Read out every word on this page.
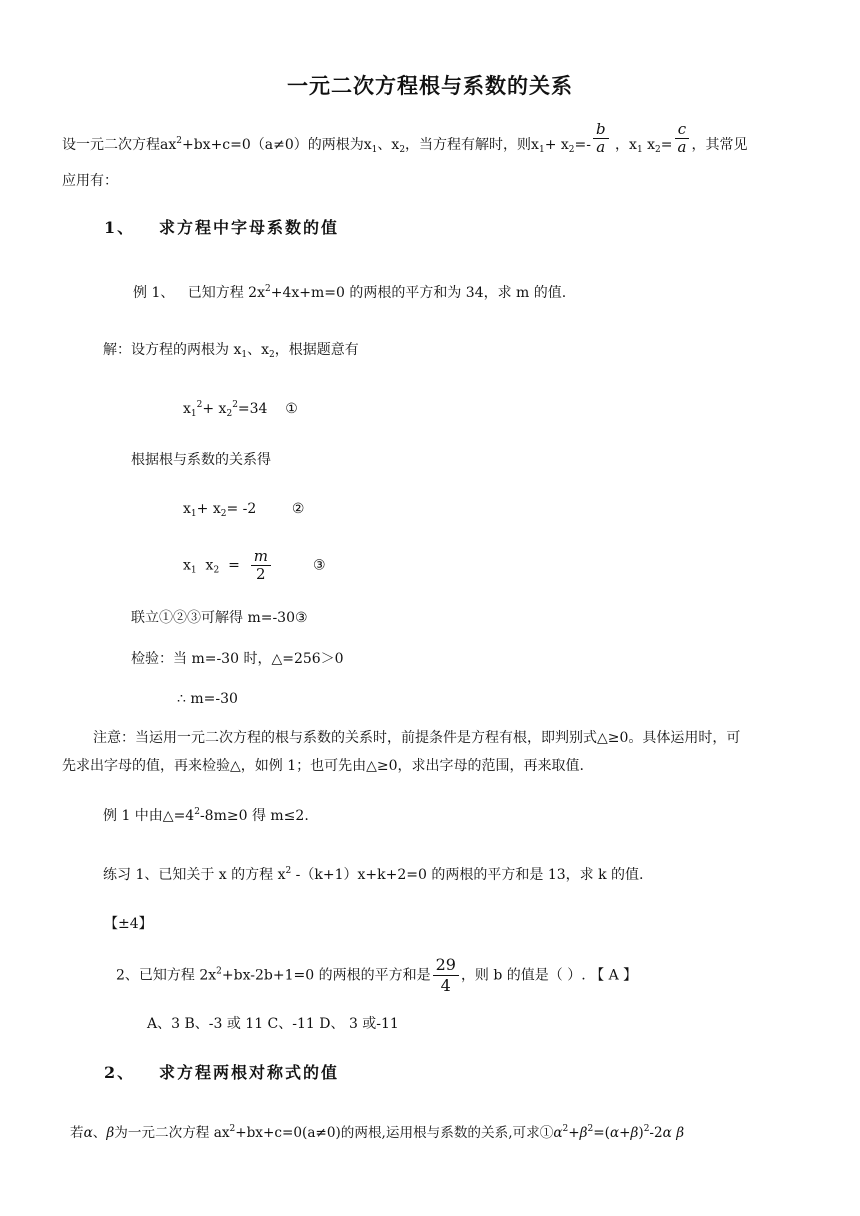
一元二次方程根与系数的关系
设一元二次方程$ax^2+bx+c=0(a\ne 0)$的两根为$x_1$、$x_2$，当方程有解时，则$x_1+ x_2=- \frac{b}{a}$ ，$x_1$ $x_2= \frac{c}{a}$ ，其常见
应用有：
1、 求方程中字母系数的值
例 1、 已知方程 $2x^2+4x+m=0$ 的两根的平方和为 34，求 m 的值.
解：设方程的两根为 $x_1$、$x_2$，根据题意有
$x_1^2+ x_2^2=34$ ①
根据根与系数的关系得
$x_1+ x_2= -2$	②
$x_1$  $x_2 = \frac{m}{2}$	③
联立①②③可解得 m=-30③
检验：当 m=-30 时，△=256＞0
∴ m=-30
注意：当运用一元二次方程的根与系数的关系时，前提条件是方程有根，即判别式△≥0。具体运用时，可
先求出字母的值，再来检验△，如例 1；也可先由△≥0，求出字母的范围，再来取值.
例 1 中由$\triangle=4^2-8m\ge 0$ 得 m≤2.
练习 1、已知关于 x 的方程 $x^2$ -（k+1）x+k+2=0 的两根的平方和是 13，求 k 的值.
【±4】
2、已知方程 $2x^2+bx-2b+1=0$ 的两根的平方和是 $\frac{29}{4}$ ，则 b 的值是（ ）. 【 A 】
A、3 B、-3 或 11 C、-11 D、 3 或-11
2、 求方程两根对称式的值
若α、β为一元二次方程 $ax^2+bx+c=0(a\ne 0)$的两根,运用根与系数的关系,可求$①\alpha^2+\beta^2=(\alpha+\beta)^2-2\alpha$ β
